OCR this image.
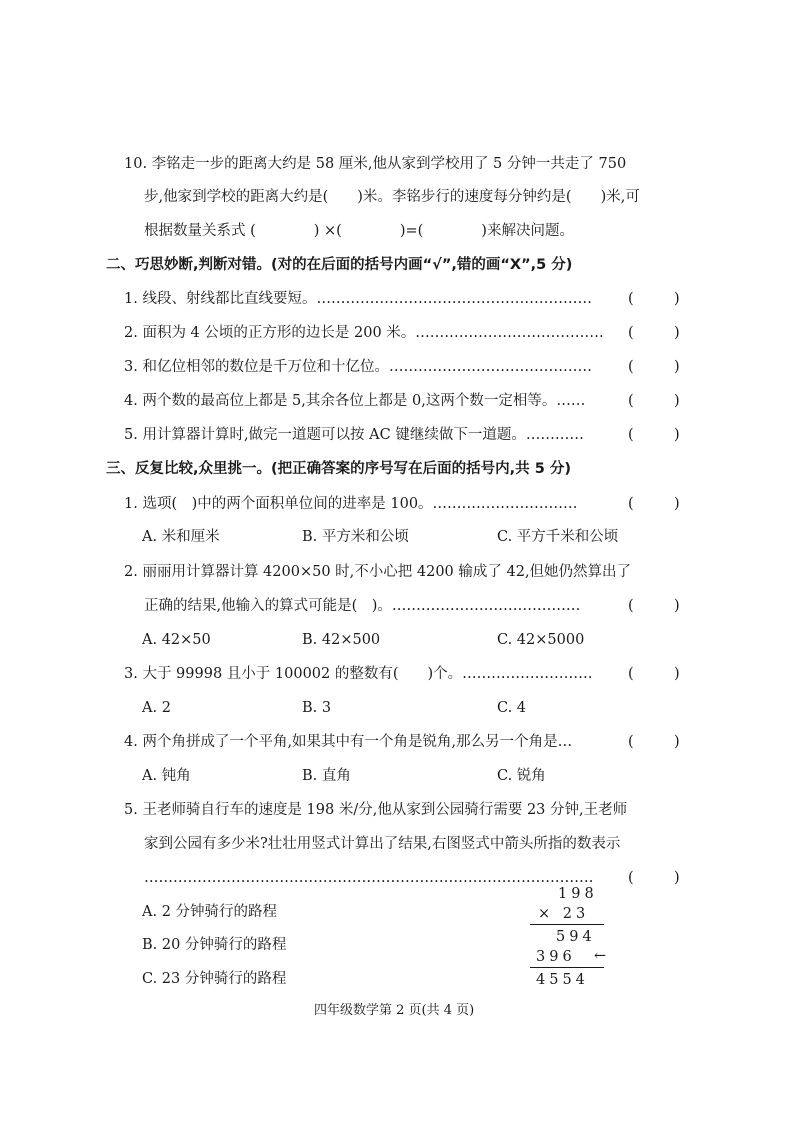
10. 李铭走一步的距离大约是 58 厘米,他从家到学校用了 5 分钟一共走了 750
步,他家到学校的距离大约是(　　)米。李铭步行的速度每分钟约是(　　)米,可
根据数量关系式 (　　　　) ×(　　　　)=(　　　　)来解决问题。
二、巧思妙断,判断对错。(对的在后面的括号内画“√”,错的画“X”,5 分)
1. 线段、射线都比直线要短。………………………………………………… (	)
2. 面积为 4 公顷的正方形的边长是 200 米。………………………………… (	)
3. 和亿位相邻的数位是千万位和十亿位。…………………………………… (	)
4. 两个数的最高位上都是 5,其余各位上都是 0,这两个数一定相等。……	(	)
5. 用计算器计算时,做完一道题可以按 AC 键继续做下一道题。…………	(	)
三、反复比较,众里挑一。(把正确答案的序号写在后面的括号内,共 5 分)
1. 选项(　)中的两个面积单位间的进率是 100。…………………………	(	)
A. 米和厘米	B. 平方米和公顷	C. 平方千米和公顷
2. 丽丽用计算器计算 4200×50 时,不小心把 4200 输成了 42,但她仍然算出了
正确的结果,他输入的算式可能是(　)。…………………………………	(	)
A. 42×50	B. 42×500	C. 42×5000
3. 大于 99998 且小于 100002 的整数有(　　)个。……………………… (	)
A. 2	B. 3	C. 4
4. 两个角拼成了一个平角,如果其中有一个角是锐角,那么另一个角是…	(	)
A. 钝角	B. 直角	C. 锐角
5. 王老师骑自行车的速度是 198 米/分,他从家到公园骑行需要 23 分钟,王老师
家到公园有多少米?壮壮用竖式计算出了结果,右图竖式中箭头所指的数表示
………………………………………………………………………………… (	)
A. 2 分钟骑行的路程
B. 20 分钟骑行的路程
C. 23 分钟骑行的路程
198
× 23
594
396 ←
4554
四年级数学第 2 页(共 4 页)
